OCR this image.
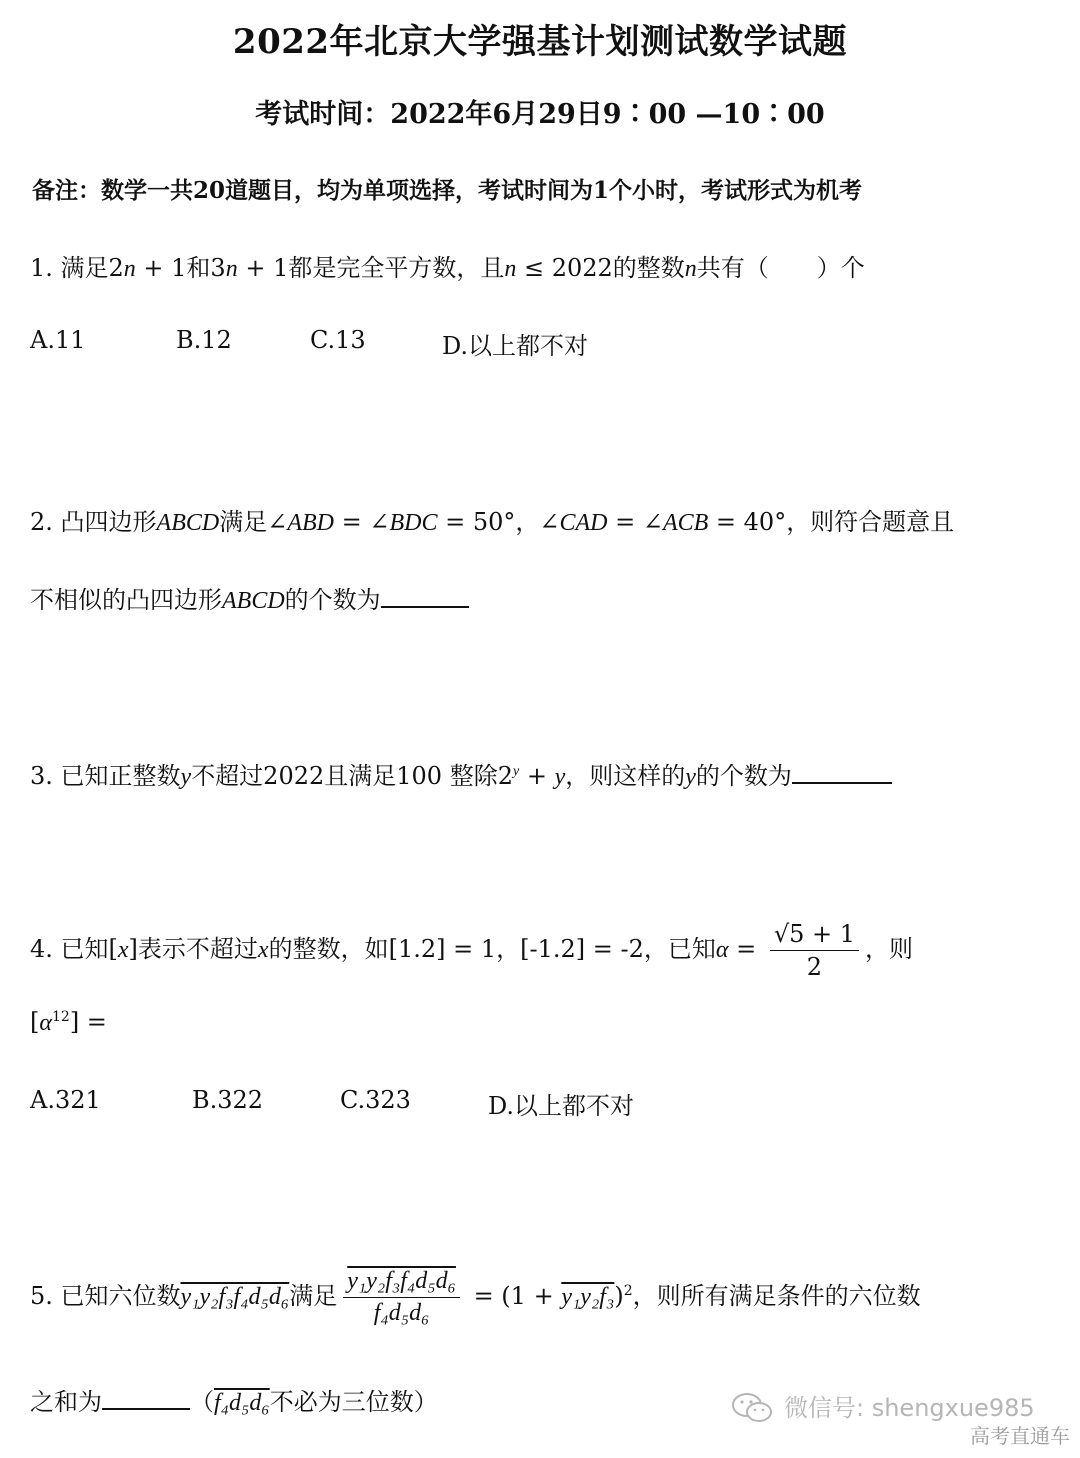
2022年北京大学强基计划测试数学试题
考试时间：2022年6月29日9∶00 —10∶00
备注：数学一共20道题目，均为单项选择，考试时间为1个小时，考试形式为机考
1. 满足2n + 1和3n + 1都是完全平方数，且n ≤ 2022的整数n共有（　　）个
A.11	B.12	C.13	D.以上都不对
2. 凸四边形ABCD满足∠ABD = ∠BDC = 50°，∠CAD = ∠ACB = 40°，则符合题意且
不相似的凸四边形ABCD的个数为
3. 已知正整数y不超过2022且满足100 整除$2^y + y$，则这样的y的个数为
4. 已知[x]表示不超过x的整数，如[1.2] = 1，[-1.2] = -2，已知$\alpha = \frac{√5 + 1}{2}$ ，则
$[\alpha^{12}]$ =
A.321	B.322	C.323	D.以上都不对
5. 已知六位数y₁y₂f₃f₄d₅d₆满足 $\frac{\text{y₁y₂f₃f₄d₅d₆}}{\text{f₄d₅d₆}} = (1 + y_1y_2f_3)^2$，则所有满足条件的六位数
之和为	（f₄d₅d₆不必为三位数）	微信号: shengxue985
高考直通车
